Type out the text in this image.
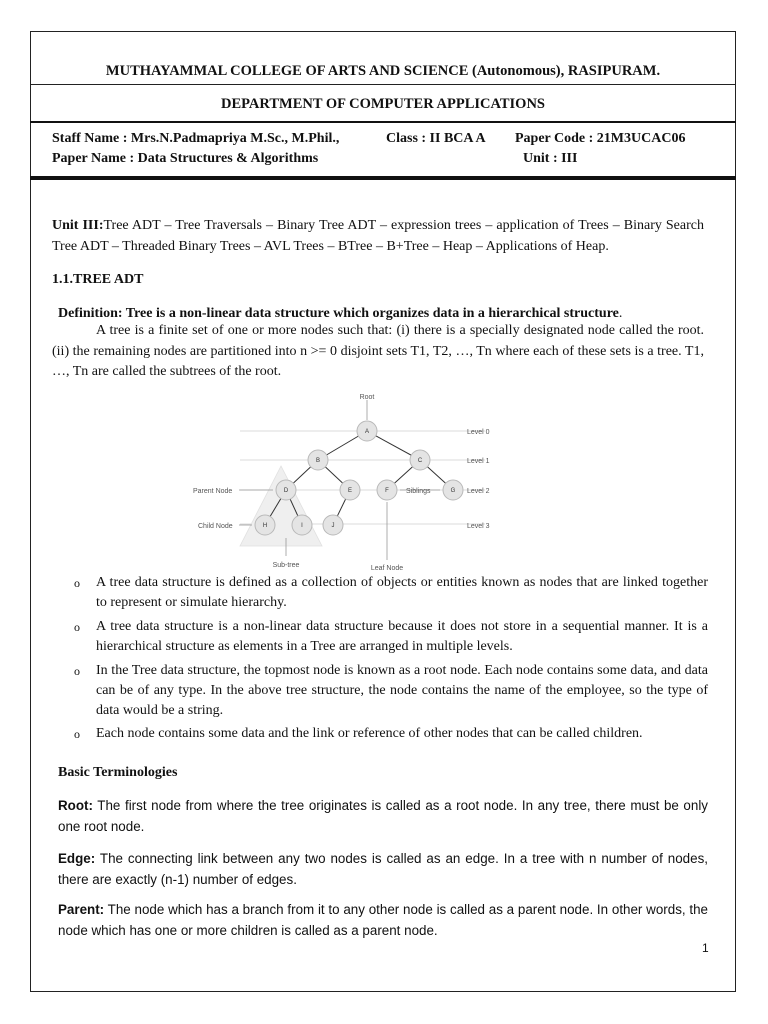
MUTHAYAMMAL COLLEGE OF ARTS AND SCIENCE (Autonomous), RASIPURAM.
DEPARTMENT OF COMPUTER APPLICATIONS
Staff Name : Mrs.N.Padmapriya M.Sc., M.Phil.,	Class : II BCA A Paper Code : 21M3UCAC06
Paper Name : Data Structures & Algorithms	Unit : III
Unit III:Tree ADT – Tree Traversals – Binary Tree ADT – expression trees – application of Trees – Binary Search Tree ADT – Threaded Binary Trees – AVL Trees – BTree – B+Tree – Heap – Applications of Heap.
1.1.TREE ADT
Definition: Tree is a non-linear data structure which organizes data in a hierarchical structure.
A tree is a finite set of one or more nodes such that: (i) there is a specially designated node called the root. (ii) the remaining nodes are partitioned into n >= 0 disjoint sets T1, T2, …, Tn where each of these sets is a tree. T1, …, Tn are called the subtrees of the root.
A
B	C
D	E	F	G
H	I	J
Root
Level 0
Level 1
Level 2
Level 3
Parent Node
Child Node
Siblings
Sub-tree	Leaf Node
o A tree data structure is defined as a collection of objects or entities known as nodes that are linked together to represent or simulate hierarchy.
o A tree data structure is a non-linear data structure because it does not store in a sequential manner. It is a hierarchical structure as elements in a Tree are arranged in multiple levels.
o In the Tree data structure, the topmost node is known as a root node. Each node contains some data, and data can be of any type. In the above tree structure, the node contains the name of the employee, so the type of data would be a string.
o Each node contains some data and the link or reference of other nodes that can be called children.
Basic Terminologies
Root: The first node from where the tree originates is called as a root node. In any tree, there must be only one root node.
Edge: The connecting link between any two nodes is called as an edge. In a tree with n number of nodes, there are exactly (n-1) number of edges.
Parent: The node which has a branch from it to any other node is called as a parent node. In other words, the node which has one or more children is called as a parent node.
1
